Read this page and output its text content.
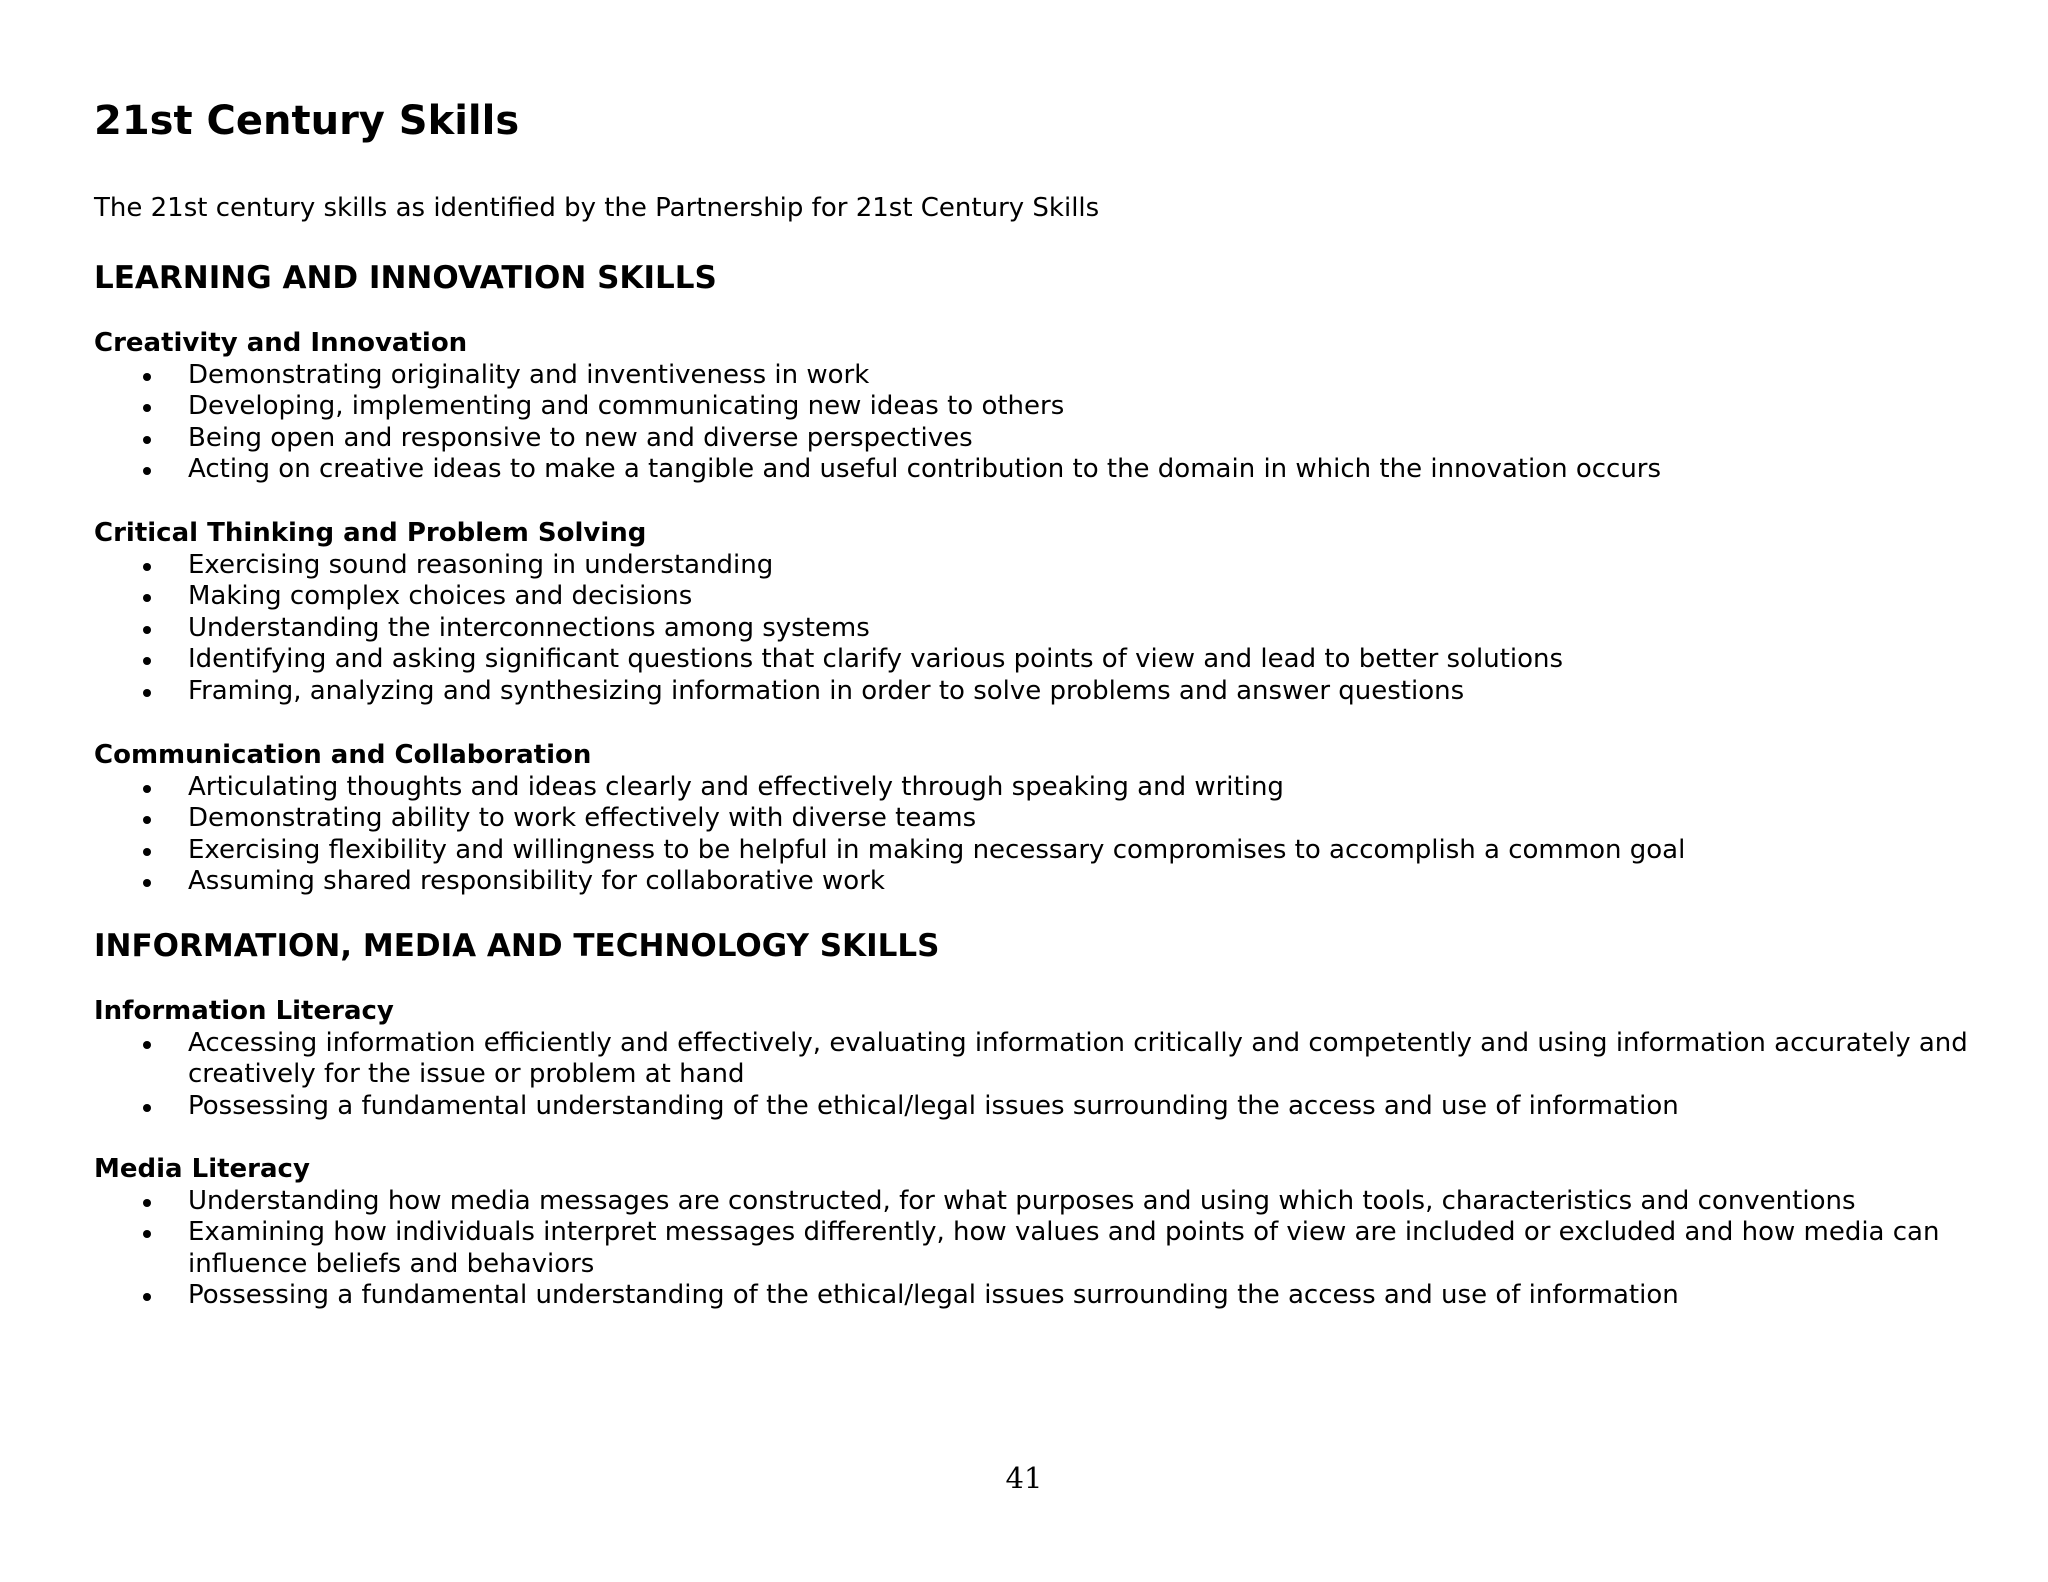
21st Century Skills

The 21st century skills as identified by the Partnership for 21st Century Skills

LEARNING AND INNOVATION SKILLS
Creativity and Innovation
Demonstrating originality and inventiveness in work
Developing, implementing and communicating new ideas to others
Being open and responsive to new and diverse perspectives
Acting on creative ideas to make a tangible and useful contribution to the domain in which the innovation occurs
Critical Thinking and Problem Solving
Exercising sound reasoning in understanding
Making complex choices and decisions
Understanding the interconnections among systems
Identifying and asking significant questions that clarify various points of view and lead to better solutions
Framing, analyzing and synthesizing information in order to solve problems and answer questions
Communication and Collaboration
Articulating thoughts and ideas clearly and effectively through speaking and writing
Demonstrating ability to work effectively with diverse teams
Exercising flexibility and willingness to be helpful in making necessary compromises to accomplish a common goal
Assuming shared responsibility for collaborative work
INFORMATION, MEDIA AND TECHNOLOGY SKILLS
Information Literacy
Accessing information efficiently and effectively, evaluating information critically and competently and using information accurately and creatively for the issue or problem at hand
Possessing a fundamental understanding of the ethical/legal issues surrounding the access and use of information
Media Literacy
Understanding how media messages are constructed, for what purposes and using which tools, characteristics and conventions
Examining how individuals interpret messages differently, how values and points of view are included or excluded and how media can influence beliefs and behaviors
Possessing a fundamental understanding of the ethical/legal issues surrounding the access and use of information
41
